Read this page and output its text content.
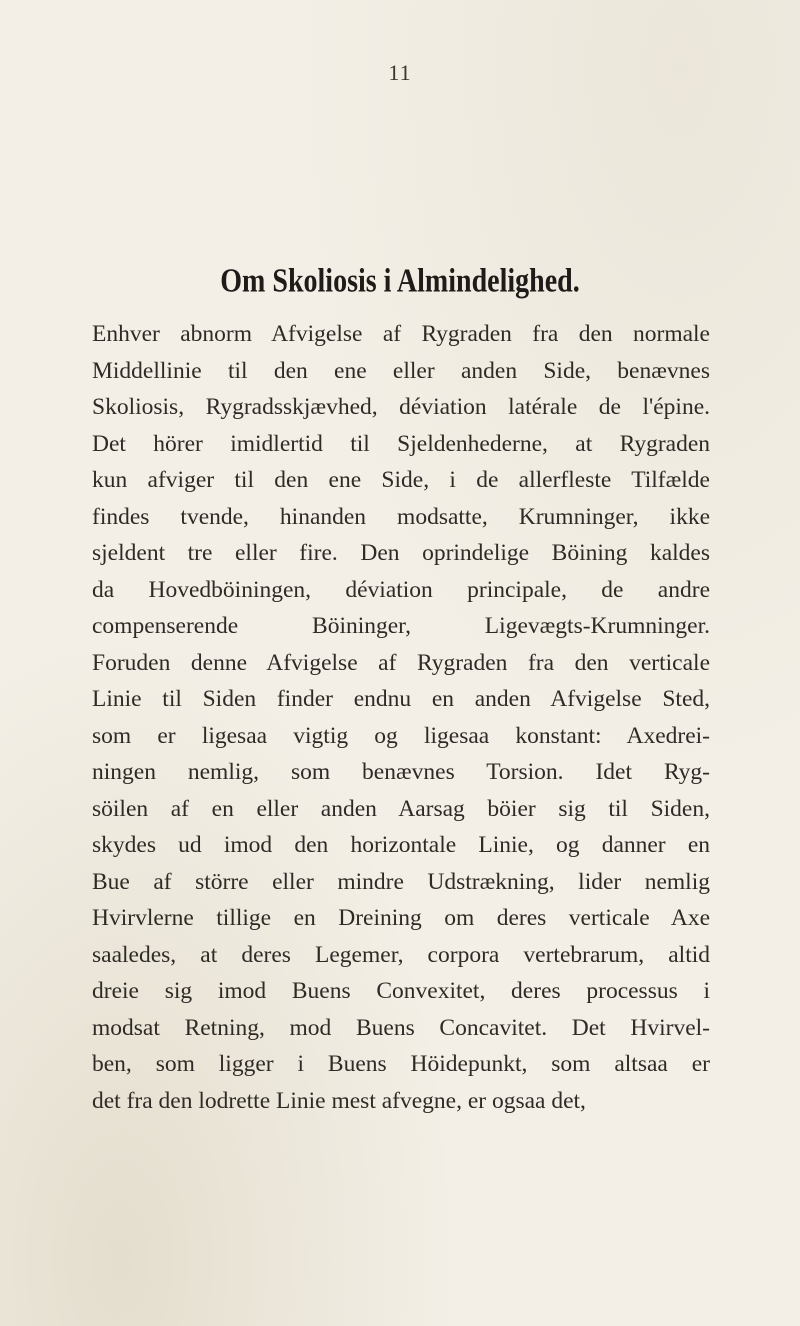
11
Om Skoliosis i Almindelighed.
Enhver abnorm Afvigelse af Rygraden fra den normale
Middellinie til den ene eller anden Side, benævnes
Skoliosis, Rygradsskjævhed, déviation latérale de l'épine.
Det hörer imidlertid til Sjeldenhederne, at Rygraden
kun afviger til den ene Side, i de allerfleste Tilfælde
findes tvende, hinanden modsatte, Krumninger, ikke
sjeldent tre eller fire. Den oprindelige Böining kaldes
da Hovedböiningen, déviation principale, de andre
compenserende Böininger, Ligevægts-Krumninger.
Foruden denne Afvigelse af Rygraden fra den verticale
Linie til Siden finder endnu en anden Afvigelse Sted,
som er ligesaa vigtig og ligesaa konstant: Axedrei-
ningen nemlig, som benævnes Torsion. Idet Ryg-
söilen af en eller anden Aarsag böier sig til Siden,
skydes ud imod den horizontale Linie, og danner en
Bue af större eller mindre Udstrækning, lider nemlig
Hvirvlerne tillige en Dreining om deres verticale Axe
saaledes, at deres Legemer, corpora vertebrarum, altid
dreie sig imod Buens Convexitet, deres processus i
modsat Retning, mod Buens Concavitet. Det Hvirvel-
ben, som ligger i Buens Höidepunkt, som altsaa er
det fra den lodrette Linie mest afvegne, er ogsaa det,
